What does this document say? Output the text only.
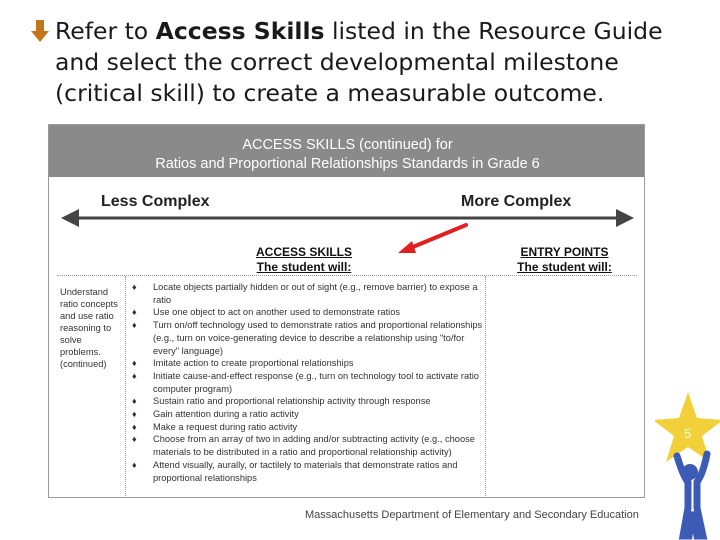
Refer to Access Skills listed in the Resource Guide and select the correct developmental milestone (critical skill) to create a measurable outcome.
ACCESS SKILLS (continued) for
Ratios and Proportional Relationships Standards in Grade 6
Less Complex	More Complex
ACCESS SKILLS
The student will:
ENTRY POINTS
The student will:
Understand ratio concepts and use ratio reasoning to solve problems. (continued)
♦ Locate objects partially hidden or out of sight (e.g., remove barrier) to expose a ratio
♦ Use one object to act on another used to demonstrate ratios
♦ Turn on/off technology used to demonstrate ratios and proportional relationships (e.g., turn on voice-generating device to describe a relationship using "to/for every" language)
♦ Imitate action to create proportional relationships
♦ Initiate cause-and-effect response (e.g., turn on technology tool to activate ratio computer program)
♦ Sustain ratio and proportional relationship activity through response
♦ Gain attention during a ratio activity
♦ Make a request during ratio activity
♦ Choose from an array of two in adding and/or subtracting activity (e.g., choose materials to be distributed in a ratio and proportional relationship activity)
♦ Attend visually, aurally, or tactilely to materials that demonstrate ratios and proportional relationships
5
Massachusetts Department of Elementary and Secondary Education
